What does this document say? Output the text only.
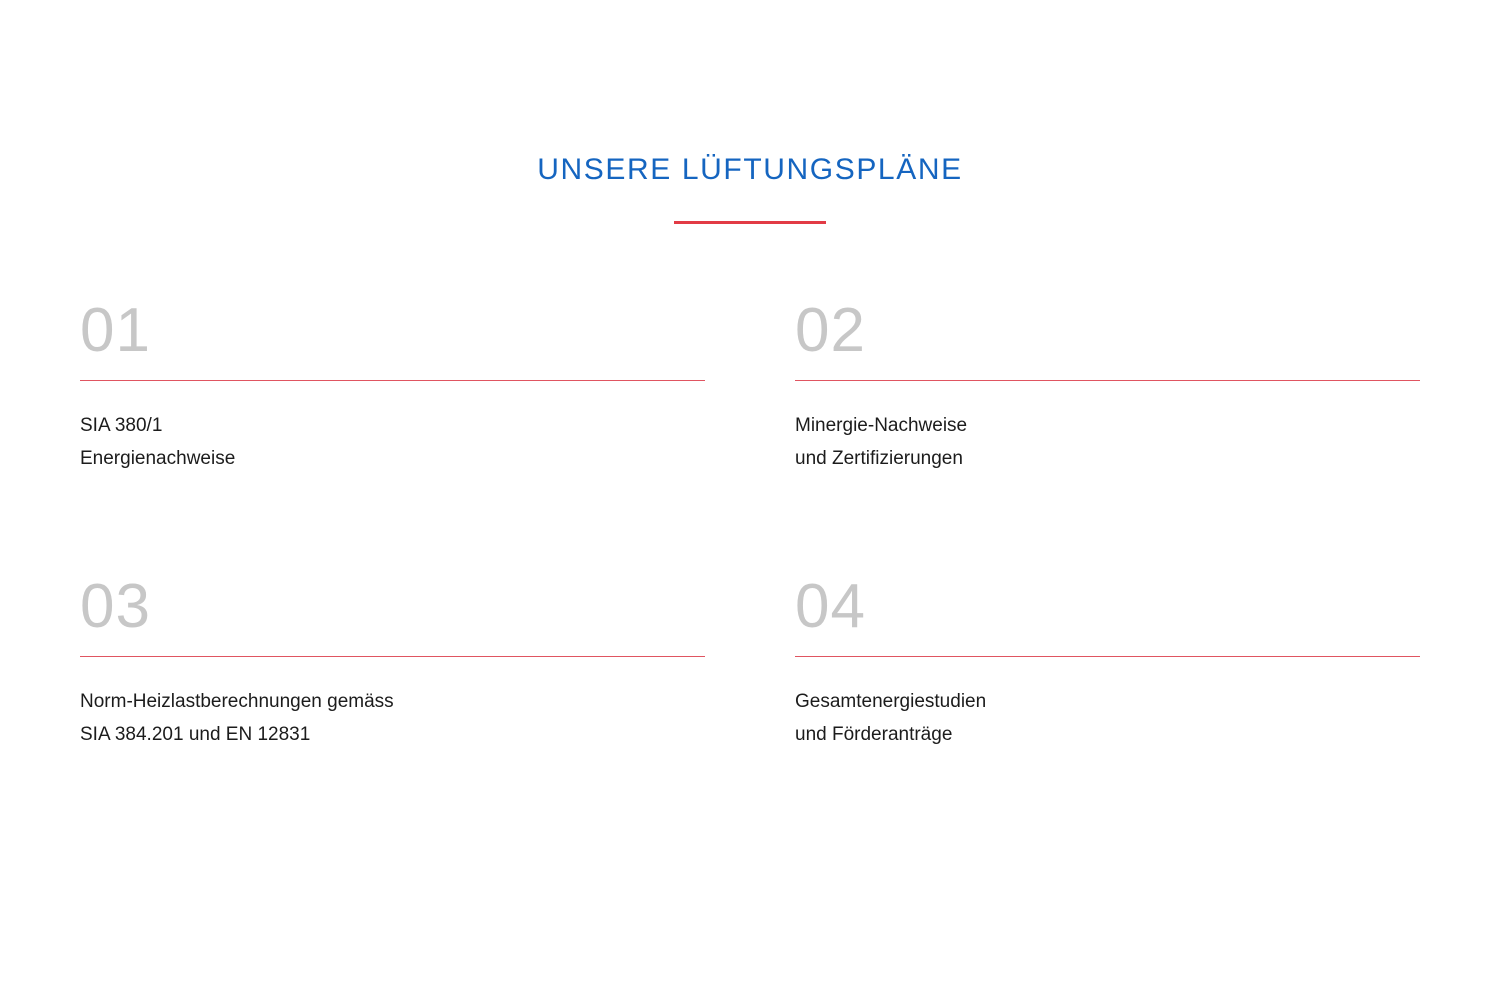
UNSERE LÜFTUNGSPLÄNE
01
SIA 380/1
Energienachweise
02
Minergie-Nachweise
und Zertifizierungen
03
Norm-Heizlastberechnungen gemäss
SIA 384.201 und EN 12831
04
Gesamtenergiestudien
und Förderanträge
